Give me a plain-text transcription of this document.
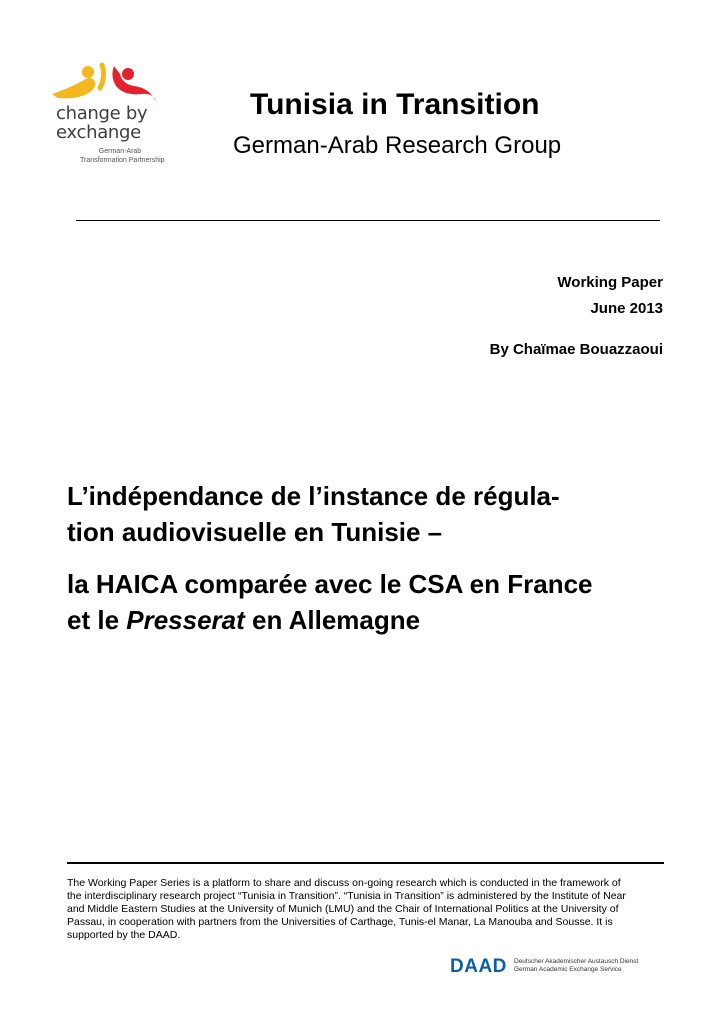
change by
exchange
German-Arab
Transformation Partnership
Tunisia in Transition
German-Arab Research Group
Working Paper
June 2013
By Chaïmae Bouazzaoui
L’indépendance de l’instance de régula-
tion audiovisuelle en Tunisie –
la HAICA comparée avec le CSA en France
et le Presserat en Allemagne
The Working Paper Series is a platform to share and discuss on-going research which is conducted in the framework of
the interdisciplinary research project “Tunisia in Transition”. “Tunisia in Transition” is administered by the Institute of Near
and Middle Eastern Studies at the University of Munich (LMU) and the Chair of International Politics at the University of
Passau, in cooperation with partners from the Universities of Carthage, Tunis-el Manar, La Manouba and Sousse. It is
supported by the DAAD.
DAAD Deutscher Akademischer Austausch Dienst
German Academic Exchange Service
